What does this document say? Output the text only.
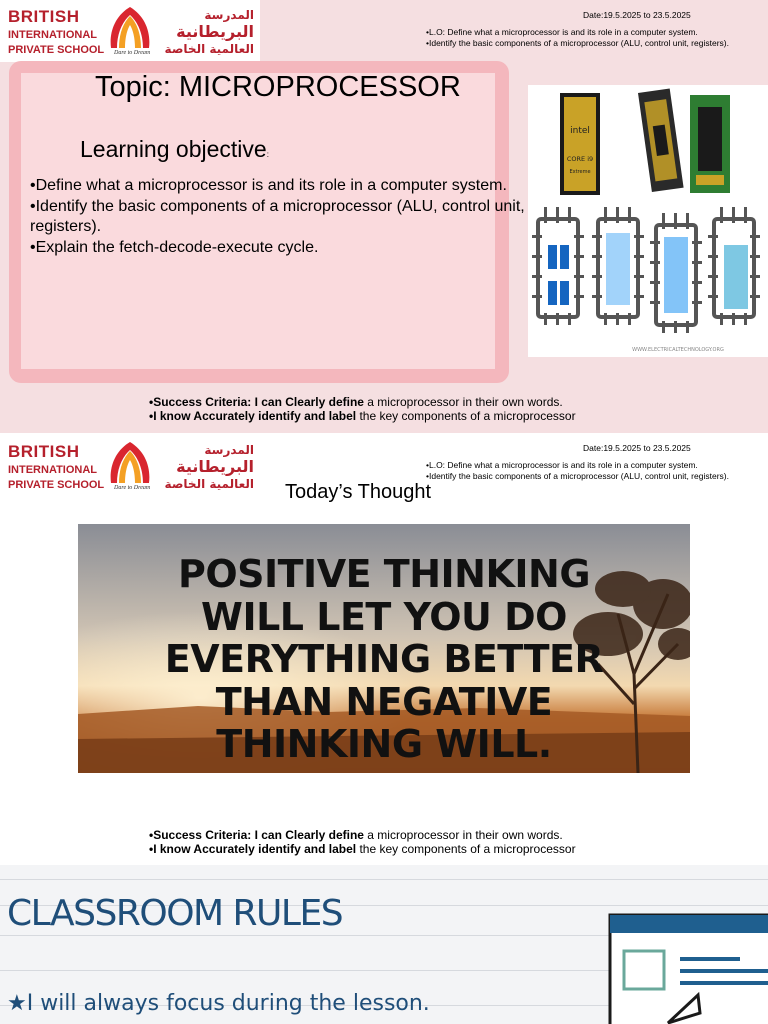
BRITISH
INTERNATIONAL
PRIVATE SCHOOL Dare to Dream
المدرسة
البريطانية
العالمية الخاصة
Date:19.5.2025 to 23.5.2025
•L.O: Define what a microprocessor is and its role in a computer system.
•Identify the basic components of a microprocessor (ALU, control unit, registers).
Topic: MICROPROCESSOR
Learning objective:
•Define what a microprocessor is and its role in a computer system.
•Identify the basic components of a microprocessor (ALU, control unit, registers).
•Explain the fetch-decode-execute cycle.
intel
CORE i9
Extreme
WWW.ELECTRICALTECHNOLOGY.ORG
•Success Criteria: I can Clearly define a microprocessor in their own words.
•I know Accurately identify and label the key components of a microprocessor
BRITISH
INTERNATIONAL
PRIVATE SCHOOL Dare to Dream
المدرسة
البريطانية
العالمية الخاصة
Date:19.5.2025 to 23.5.2025
•L.O: Define what a microprocessor is and its role in a computer system.
•Identify the basic components of a microprocessor (ALU, control unit, registers).
Today’s Thought
POSITIVE THINKING
WILL LET YOU DO
EVERYTHING BETTER
THAN NEGATIVE
THINKING WILL.
•Success Criteria: I can Clearly define a microprocessor in their own words.
•I know Accurately identify and label the key components of a microprocessor
CLASSROOM RULES
★I will always focus during the lesson.
